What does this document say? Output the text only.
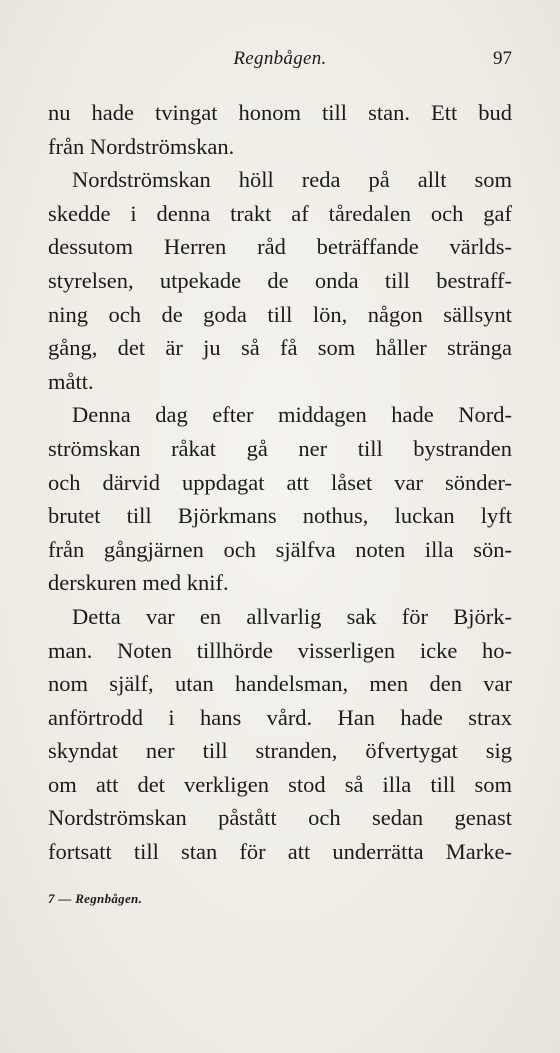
Regnbågen.	97
nu hade tvingat honom till stan. Ett bud
från Nordströmskan.
Nordströmskan höll reda på allt som
skedde i denna trakt af tåredalen och gaf
dessutom Herren råd beträffande världs-
styrelsen, utpekade de onda till bestraff-
ning och de goda till lön, någon sällsynt
gång, det är ju så få som håller stränga
mått.
Denna dag efter middagen hade Nord-
strömskan råkat gå ner till bystranden
och därvid uppdagat att låset var sönder-
brutet till Björkmans nothus, luckan lyft
från gångjärnen och själfva noten illa sön-
derskuren med knif.
Detta var en allvarlig sak för Björk-
man. Noten tillhörde visserligen icke ho-
nom själf, utan handelsman, men den var
anförtrodd i hans vård. Han hade strax
skyndat ner till stranden, öfvertygat sig
om att det verkligen stod så illa till som
Nordströmskan påstått och sedan genast
fortsatt till stan för att underrätta Marke-
7 — Regnbågen.
